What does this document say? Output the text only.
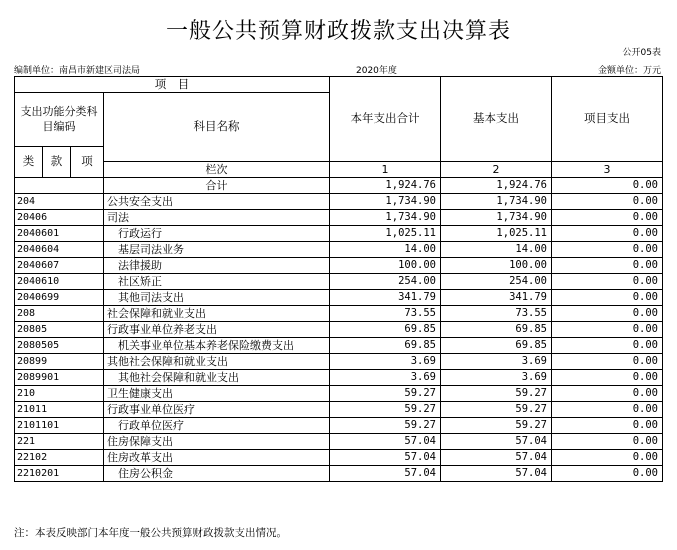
一般公共预算财政拨款支出决算表
公开05表
编制单位：南昌市新建区司法局	2020年度	金额单位：万元
项　目				本年支出合计	基本支出	项目支出
支出功能分类科目编码			科目名称			

类	款	项				
			栏次	1	2	3
			合计	1,924.76	1,924.76	0.00
204			公共安全支出	1,734.90	1,734.90	0.00
20406			司法	1,734.90	1,734.90	0.00
2040601			行政运行	1,025.11	1,025.11	0.00
2040604			基层司法业务	14.00	14.00	0.00
2040607			法律援助	100.00	100.00	0.00
2040610			社区矫正	254.00	254.00	0.00
2040699			其他司法支出	341.79	341.79	0.00
208			社会保障和就业支出	73.55	73.55	0.00
20805			行政事业单位养老支出	69.85	69.85	0.00
2080505			机关事业单位基本养老保险缴费支出	69.85	69.85	0.00
20899			其他社会保障和就业支出	3.69	3.69	0.00
2089901			其他社会保障和就业支出	3.69	3.69	0.00
210			卫生健康支出	59.27	59.27	0.00
21011			行政事业单位医疗	59.27	59.27	0.00
2101101			行政单位医疗	59.27	59.27	0.00
221			住房保障支出	57.04	57.04	0.00
22102			住房改革支出	57.04	57.04	0.00
2210201			住房公积金	57.04	57.04	0.00
注：本表反映部门本年度一般公共预算财政拨款支出情况。
